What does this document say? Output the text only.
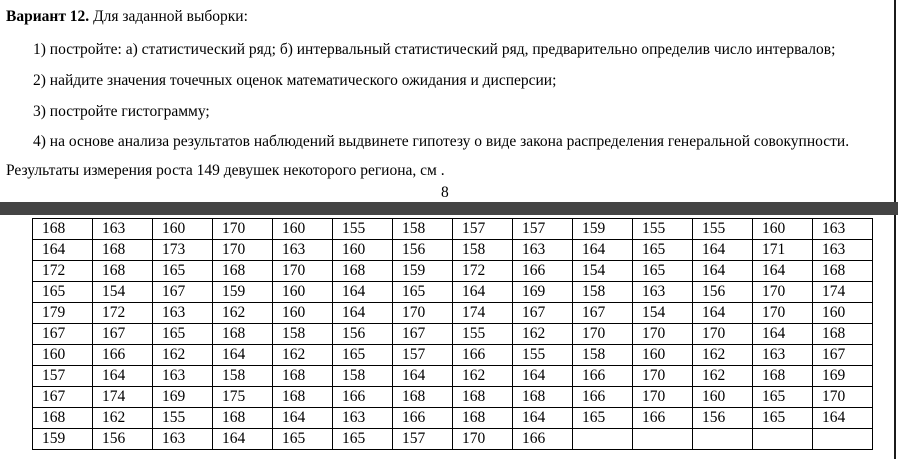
Вариант 12. Для заданной выборки:
1) постройте: а) статистический ряд; б) интервальный статистический ряд, предварительно определив число интервалов;
2) найдите значения точечных оценок математического ожидания и дисперсии;
3) постройте гистограмму;
4) на основе анализа результатов наблюдений выдвинете гипотезу о виде закона распределения генеральной совокупности.
Результаты измерения роста 149 девушек некоторого региона, см .
8
168	163	160	170	160	155	158	157	157	159	155	155	160	163
164	168	173	170	163	160	156	158	163	164	165	164	171	163
172	168	165	168	170	168	159	172	166	154	165	164	164	168
165	154	167	159	160	164	165	164	169	158	163	156	170	174
179	172	163	162	160	164	170	174	167	167	154	164	170	160
167	167	165	168	158	156	167	155	162	170	170	170	164	168
160	166	162	164	162	165	157	166	155	158	160	162	163	167
157	164	163	158	168	158	164	162	164	166	170	162	168	169
167	174	169	175	168	166	168	168	168	166	170	160	165	170
168	162	155	168	164	163	166	168	164	165	166	156	165	164
159	156	163	164	165	165	157	170	166					
